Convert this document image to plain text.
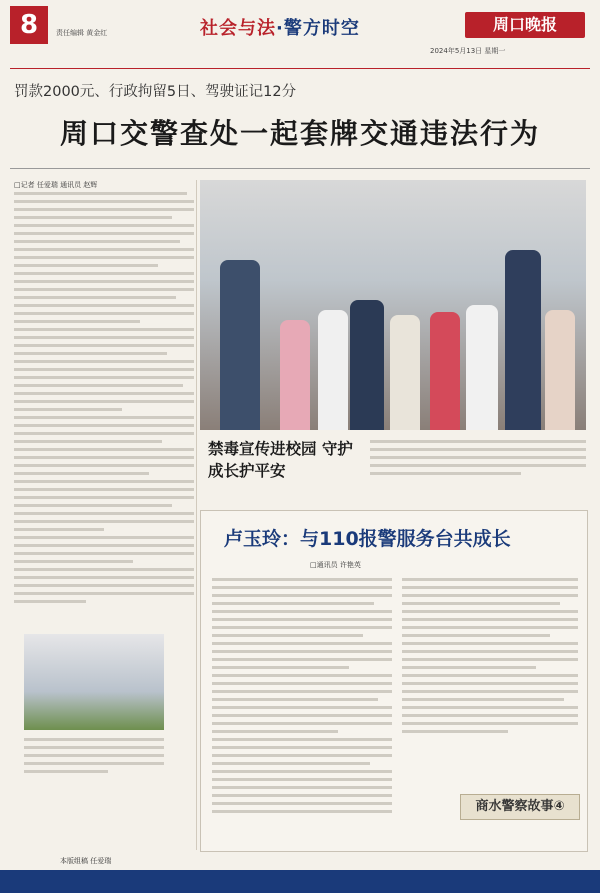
8	责任编辑 黄金红	社会与法·警方时空	周口晚报
2024年5月13日 星期一
罚款2000元、行政拘留5日、驾驶证记12分
周口交警查处一起套牌交通违法行为
□记者 任爱瑞 通讯员 赵辉
禁毒宣传进校园 守护成长护平安
卢玉玲：与110报警服务台共成长
□通讯员 许艳英
商水警察故事④
本版组稿 任爱瑞
